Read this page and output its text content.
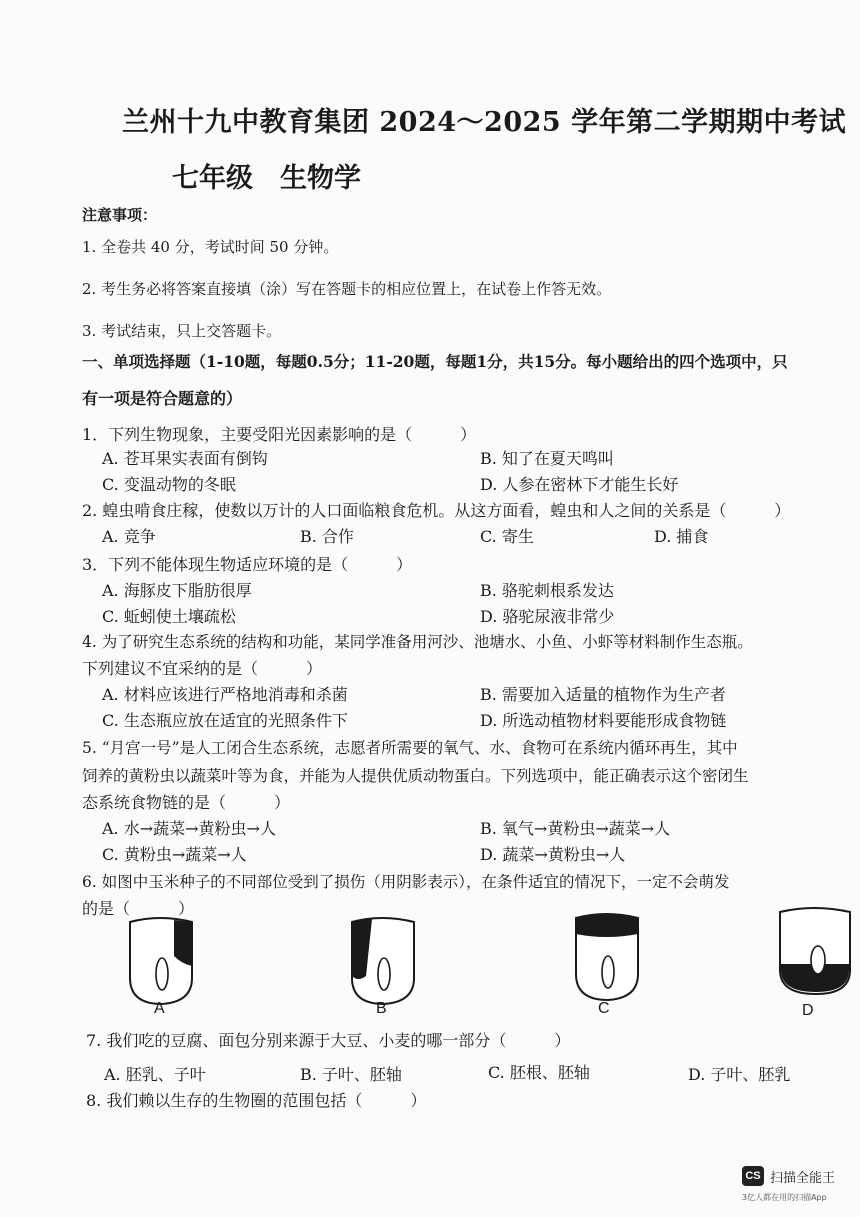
兰州十九中教育集团 2024～2025 学年第二学期期中考试
七年级　生物学
注意事项：
1. 全卷共 40 分，考试时间 50 分钟。
2. 考生务必将答案直接填（涂）写在答题卡的相应位置上，在试卷上作答无效。
3. 考试结束，只上交答题卡。
一、单项选择题（1-10题，每题0.5分；11-20题，每题1分，共15分。每小题给出的四个选项中，只
有一项是符合题意的）
1．下列生物现象，主要受阳光因素影响的是（　　　）
A. 苍耳果实表面有倒钩	B. 知了在夏天鸣叫
C. 变温动物的冬眠	D. 人参在密林下才能生长好
2. 蝗虫啃食庄稼，使数以万计的人口面临粮食危机。从这方面看，蝗虫和人之间的关系是（　　　）
A. 竞争	B. 合作	C. 寄生	D. 捕食
3．下列不能体现生物适应环境的是（　　　）
A. 海豚皮下脂肪很厚	B. 骆驼刺根系发达
C. 蚯蚓使土壤疏松	D. 骆驼尿液非常少
4. 为了研究生态系统的结构和功能，某同学准备用河沙、池塘水、小鱼、小虾等材料制作生态瓶。
下列建议不宜采纳的是（　　　）
A. 材料应该进行严格地消毒和杀菌	B. 需要加入适量的植物作为生产者
C. 生态瓶应放在适宜的光照条件下	D. 所选动植物材料要能形成食物链
5. “月宫一号”是人工闭合生态系统，志愿者所需要的氧气、水、食物可在系统内循环再生，其中
饲养的黄粉虫以蔬菜叶等为食，并能为人提供优质动物蛋白。下列选项中，能正确表示这个密闭生
态系统食物链的是（　　　）
A. 水→蔬菜→黄粉虫→人	B. 氧气→黄粉虫→蔬菜→人
C. 黄粉虫→蔬菜→人	D. 蔬菜→黄粉虫→人
6. 如图中玉米种子的不同部位受到了损伤（用阴影表示），在条件适宜的情况下，一定不会萌发
的是（　　　）
A	B	C	D
7. 我们吃的豆腐、面包分别来源于大豆、小麦的哪一部分（　　　）
A. 胚乳、子叶	B. 子叶、胚轴	C. 胚根、胚轴	D. 子叶、胚乳
8. 我们赖以生存的生物圈的范围包括（　　　）
CS 扫描全能王
3亿人都在用的扫描App
